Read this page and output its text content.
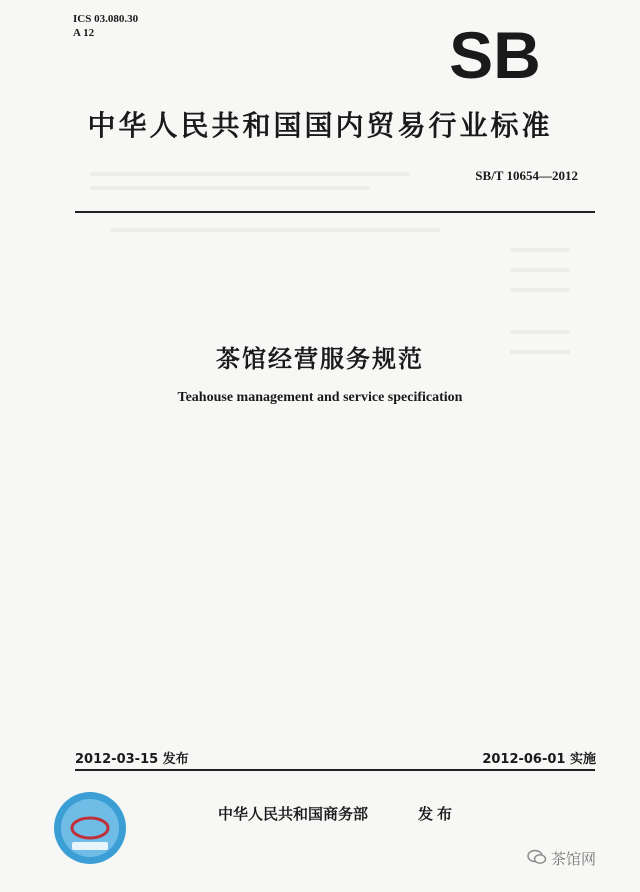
ICS 03.080.30
A 12	SB
中华人民共和国国内贸易行业标准
SB/T 10654—2012
茶馆经营服务规范
Teahouse management and service specification
2012-03-15 发布	2012-06-01 实施
中华人民共和国商务部	发布
茶馆网
